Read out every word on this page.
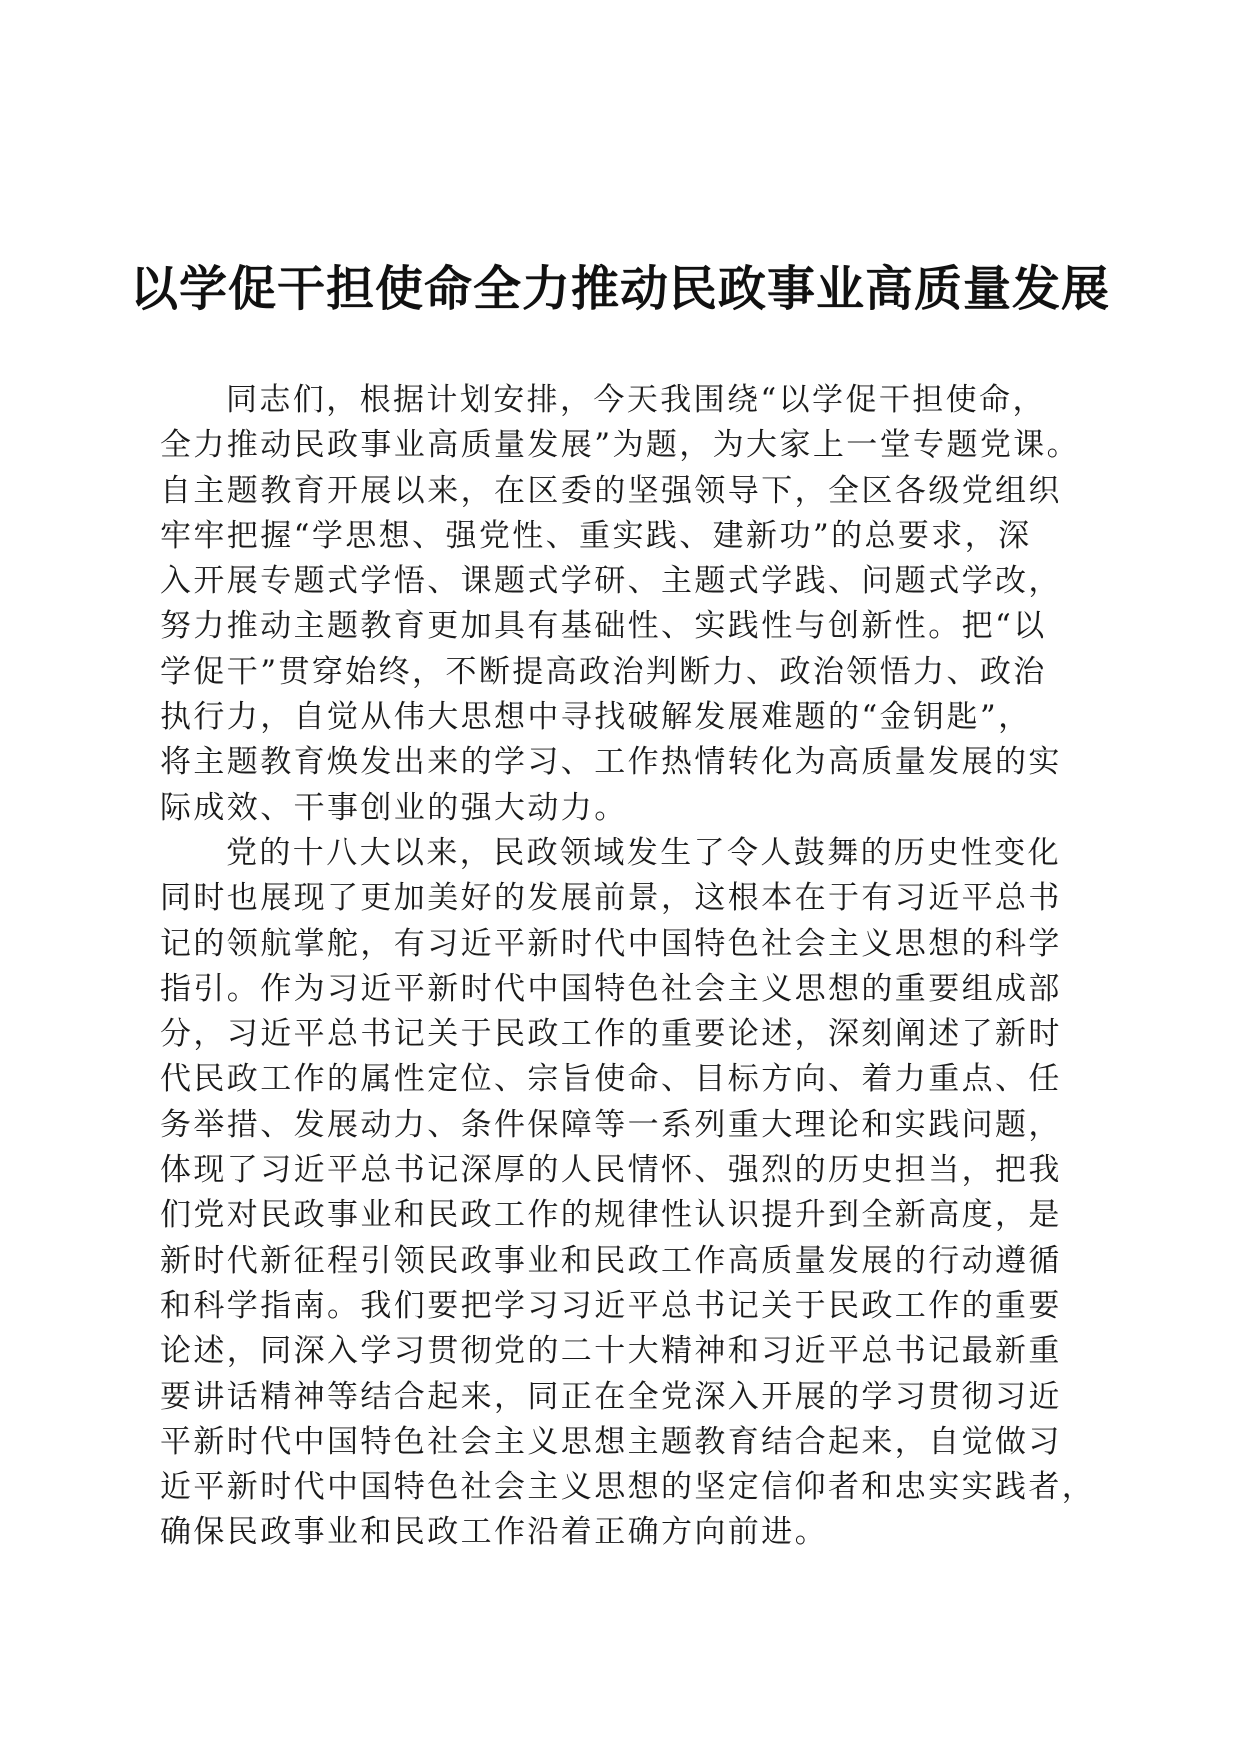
以学促干担使命全力推动民政事业高质量发展
同志们，根据计划安排，今天我围绕“以学促干担使命，
全力推动民政事业高质量发展”为题，为大家上一堂专题党课。
自主题教育开展以来，在区委的坚强领导下，全区各级党组织
牢牢把握“学思想、强党性、重实践、建新功”的总要求，深
入开展专题式学悟、课题式学研、主题式学践、问题式学改，
努力推动主题教育更加具有基础性、实践性与创新性。把“以
学促干”贯穿始终，不断提高政治判断力、政治领悟力、政治
执行力，自觉从伟大思想中寻找破解发展难题的“金钥匙”，
将主题教育焕发出来的学习、工作热情转化为高质量发展的实
际成效、干事创业的强大动力。
党的十八大以来，民政领域发生了令人鼓舞的历史性变化
同时也展现了更加美好的发展前景，这根本在于有习近平总书
记的领航掌舵，有习近平新时代中国特色社会主义思想的科学
指引。作为习近平新时代中国特色社会主义思想的重要组成部
分，习近平总书记关于民政工作的重要论述，深刻阐述了新时
代民政工作的属性定位、宗旨使命、目标方向、着力重点、任
务举措、发展动力、条件保障等一系列重大理论和实践问题，
体现了习近平总书记深厚的人民情怀、强烈的历史担当，把我
们党对民政事业和民政工作的规律性认识提升到全新高度，是
新时代新征程引领民政事业和民政工作高质量发展的行动遵循
和科学指南。我们要把学习习近平总书记关于民政工作的重要
论述，同深入学习贯彻党的二十大精神和习近平总书记最新重
要讲话精神等结合起来，同正在全党深入开展的学习贯彻习近
平新时代中国特色社会主义思想主题教育结合起来，自觉做习
近平新时代中国特色社会主义思想的坚定信仰者和忠实实践者，
确保民政事业和民政工作沿着正确方向前进。
